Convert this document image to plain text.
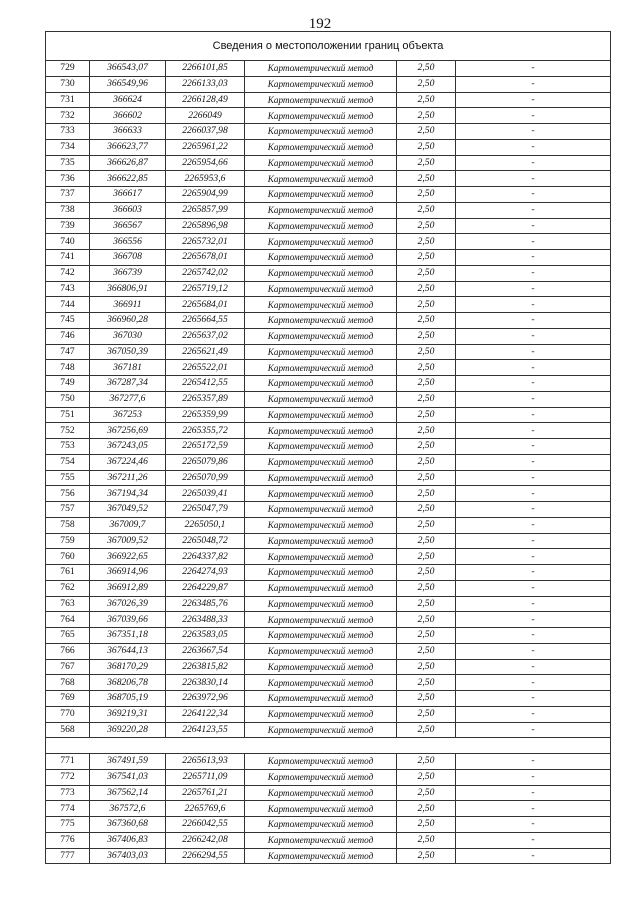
192
Сведения о местоположении границ объекта					
729	366543,07	2266101,85	Картометрический метод	2,50	-
730	366549,96	2266133,03	Картометрический метод	2,50	-
731	366624	2266128,49	Картометрический метод	2,50	-
732	366602	2266049	Картометрический метод	2,50	-
733	366633	2266037,98	Картометрический метод	2,50	-
734	366623,77	2265961,22	Картометрический метод	2,50	-
735	366626,87	2265954,66	Картометрический метод	2,50	-
736	366622,85	2265953,6	Картометрический метод	2,50	-
737	366617	2265904,99	Картометрический метод	2,50	-
738	366603	2265857,99	Картометрический метод	2,50	-
739	366567	2265896,98	Картометрический метод	2,50	-
740	366556	2265732,01	Картометрический метод	2,50	-
741	366708	2265678,01	Картометрический метод	2,50	-
742	366739	2265742,02	Картометрический метод	2,50	-
743	366806,91	2265719,12	Картометрический метод	2,50	-
744	366911	2265684,01	Картометрический метод	2,50	-
745	366960,28	2265664,55	Картометрический метод	2,50	-
746	367030	2265637,02	Картометрический метод	2,50	-
747	367050,39	2265621,49	Картометрический метод	2,50	-
748	367181	2265522,01	Картометрический метод	2,50	-
749	367287,34	2265412,55	Картометрический метод	2,50	-
750	367277,6	2265357,89	Картометрический метод	2,50	-
751	367253	2265359,99	Картометрический метод	2,50	-
752	367256,69	2265355,72	Картометрический метод	2,50	-
753	367243,05	2265172,59	Картометрический метод	2,50	-
754	367224,46	2265079,86	Картометрический метод	2,50	-
755	367211,26	2265070,99	Картометрический метод	2,50	-
756	367194,34	2265039,41	Картометрический метод	2,50	-
757	367049,52	2265047,79	Картометрический метод	2,50	-
758	367009,7	2265050,1	Картометрический метод	2,50	-
759	367009,52	2265048,72	Картометрический метод	2,50	-
760	366922,65	2264337,82	Картометрический метод	2,50	-
761	366914,96	2264274,93	Картометрический метод	2,50	-
762	366912,89	2264229,87	Картометрический метод	2,50	-
763	367026,39	2263485,76	Картометрический метод	2,50	-
764	367039,66	2263488,33	Картометрический метод	2,50	-
765	367351,18	2263583,05	Картометрический метод	2,50	-
766	367644,13	2263667,54	Картометрический метод	2,50	-
767	368170,29	2263815,82	Картометрический метод	2,50	-
768	368206,78	2263830,14	Картометрический метод	2,50	-
769	368705,19	2263972,96	Картометрический метод	2,50	-
770	369219,31	2264122,34	Картометрический метод	2,50	-
568	369220,28	2264123,55	Картометрический метод	2,50	-

771	367491,59	2265613,93	Картометрический метод	2,50	-
772	367541,03	2265711,09	Картометрический метод	2,50	-
773	367562,14	2265761,21	Картометрический метод	2,50	-
774	367572,6	2265769,6	Картометрический метод	2,50	-
775	367360,68	2266042,55	Картометрический метод	2,50	-
776	367406,83	2266242,08	Картометрический метод	2,50	-
777	367403,03	2266294,55	Картометрический метод	2,50	-
